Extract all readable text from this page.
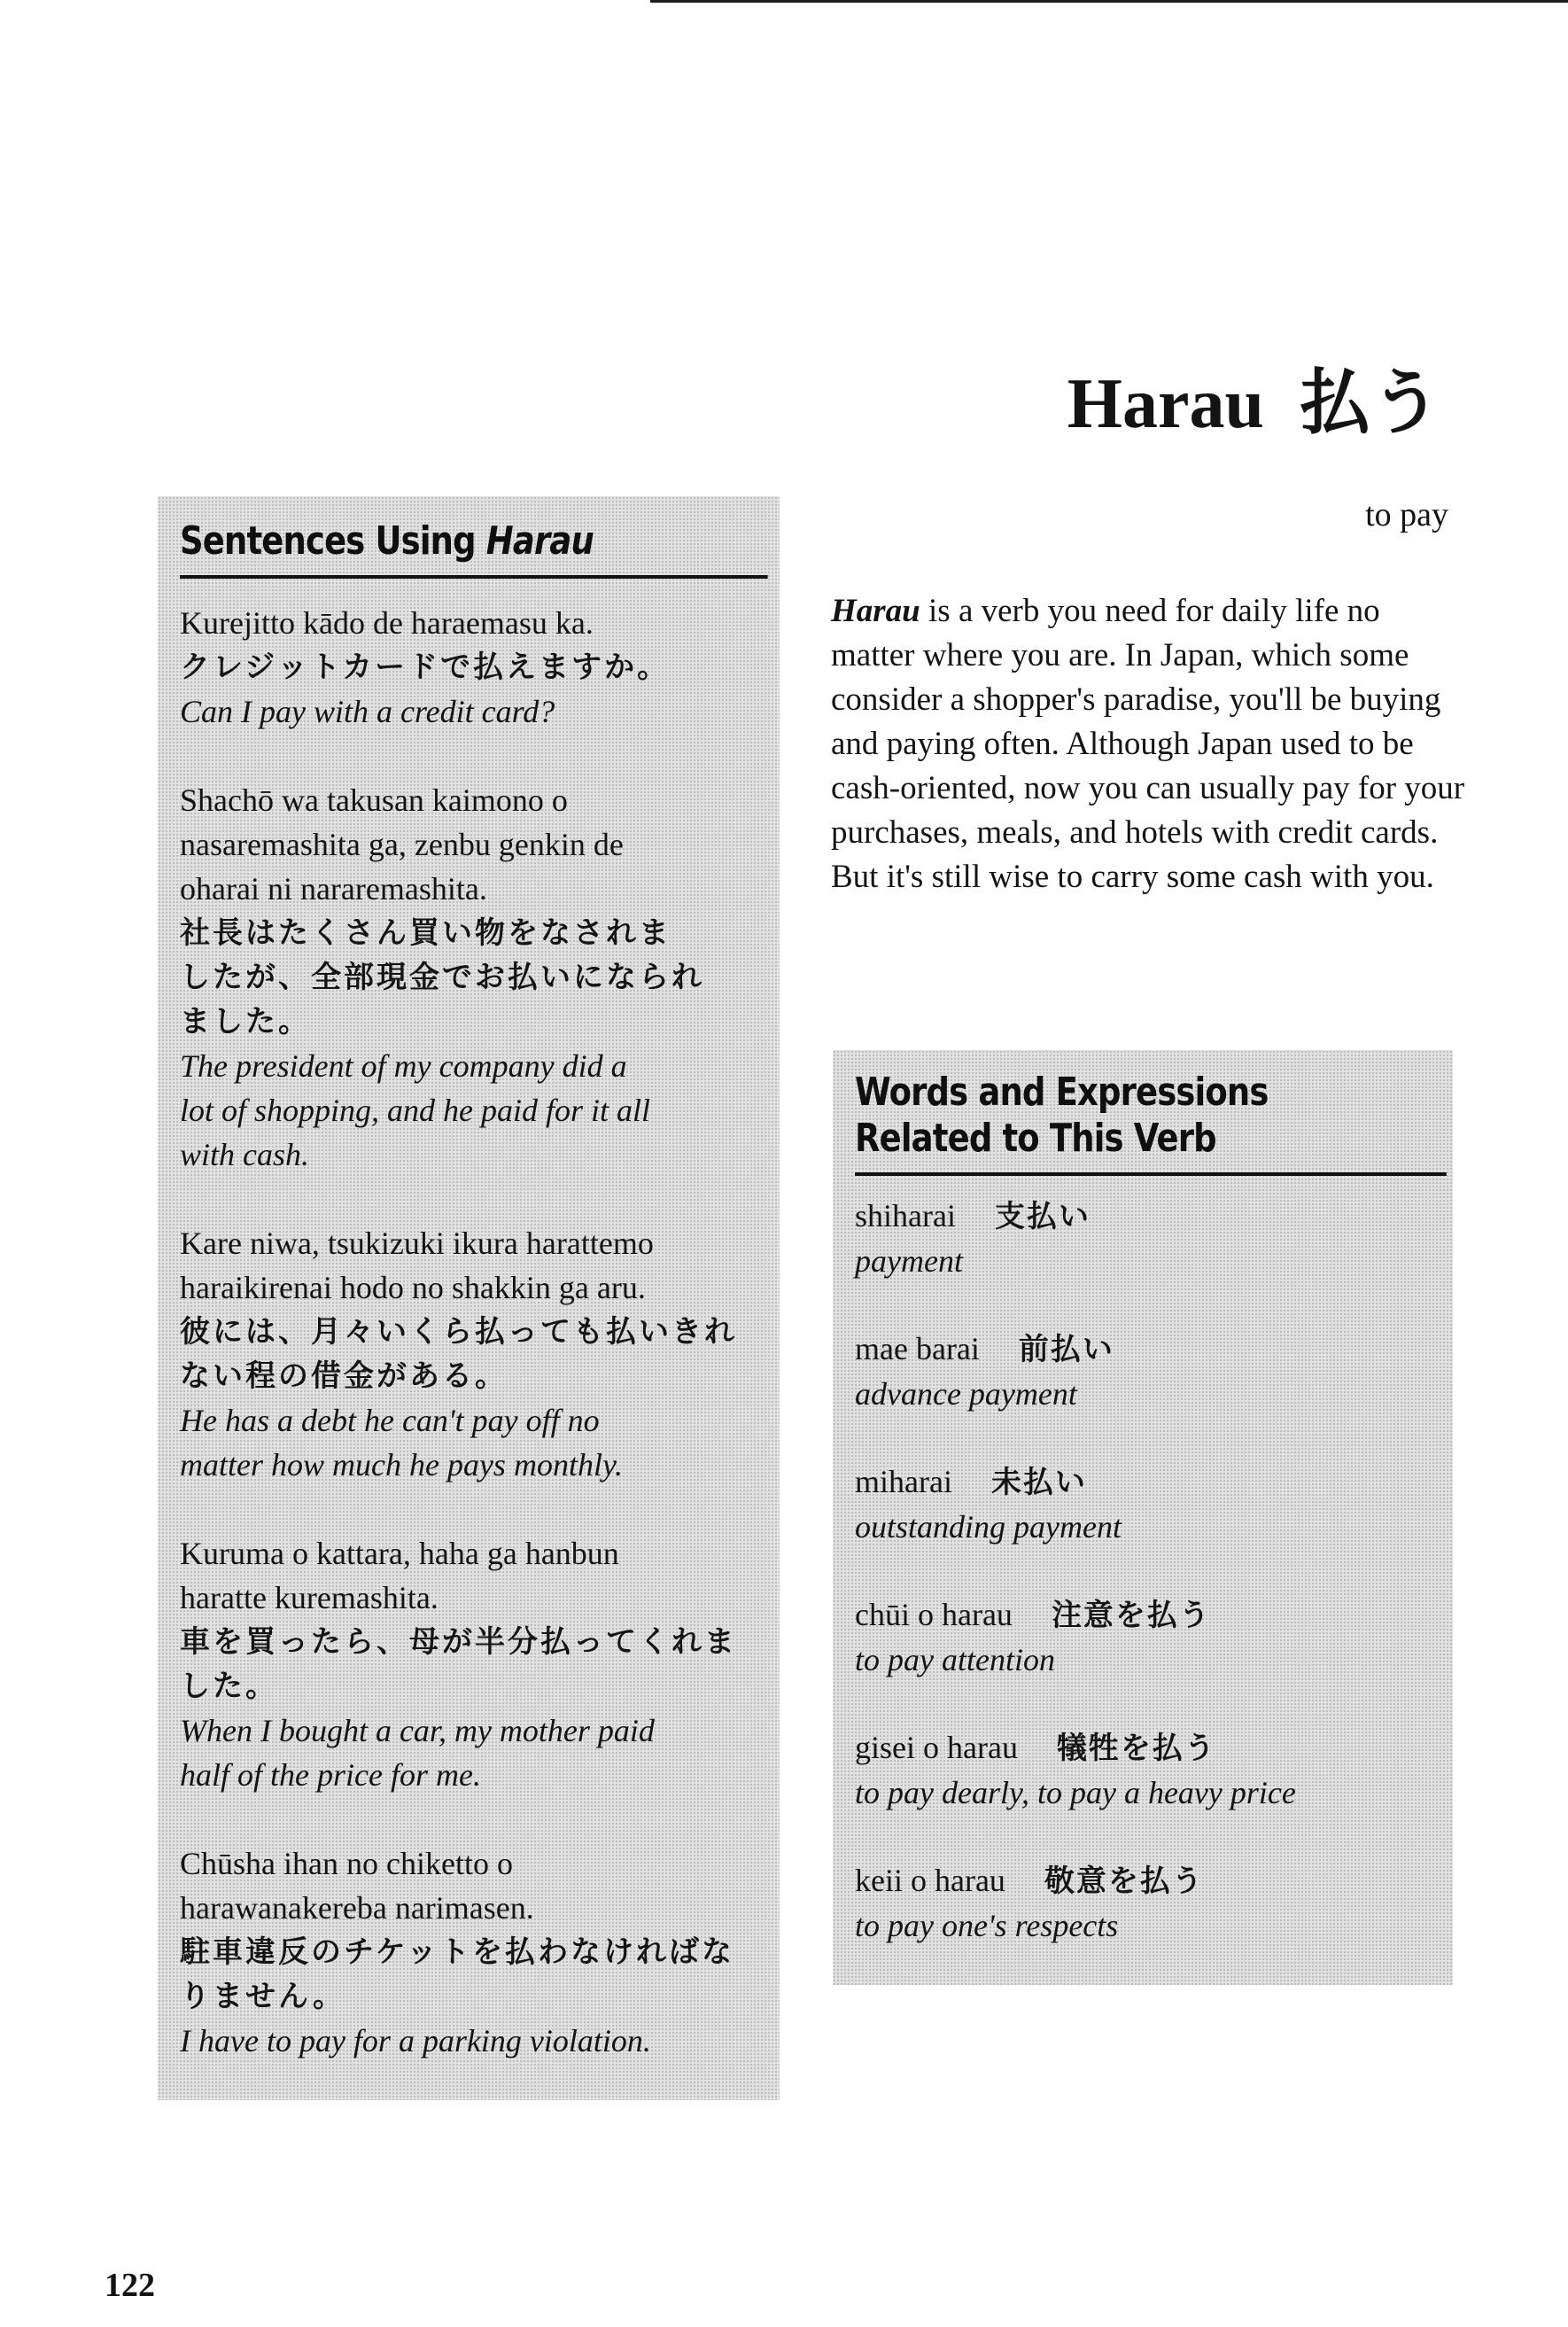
Harau 払う

to pay

Sentences Using Harau
Kurejitto kādo de haraemasu ka.
クレジットカードで払えますか。
Can I pay with a credit card?
Shachō wa takusan kaimono o
nasaremashita ga, zenbu genkin de
oharai ni nararemashita.
社長はたくさん買い物をなされま
したが、全部現金でお払いになられ
ました。
The president of my company did a
lot of shopping, and he paid for it all
with cash.
Kare niwa, tsukizuki ikura harattemo
haraikirenai hodo no shakkin ga aru.
彼には、月々いくら払っても払いきれ
ない程の借金がある。
He has a debt he can't pay off no
matter how much he pays monthly.
Kuruma o kattara, haha ga hanbun
haratte kuremashita.
車を買ったら、母が半分払ってくれま
した。
When I bought a car, my mother paid
half of the price for me.
Chūsha ihan no chiketto o
harawanakereba narimasen.
駐車違反のチケットを払わなければな
りません。
I have to pay for a parking violation.

Harau is a verb you need for daily life no matter where you are. In Japan, which some consider a shopper's paradise, you'll be buying and paying often. Although Japan used to be cash-oriented, now you can usually pay for your purchases, meals, and hotels with credit cards. But it's still wise to carry some cash with you.

Words and Expressions
Related to This Verb
shiharai 支払い
payment
mae barai 前払い
advance payment
miharai 未払い
outstanding payment
chūi o harau 注意を払う
to pay attention
gisei o harau 犠牲を払う
to pay dearly, to pay a heavy price
keii o harau 敬意を払う
to pay one's respects

122
